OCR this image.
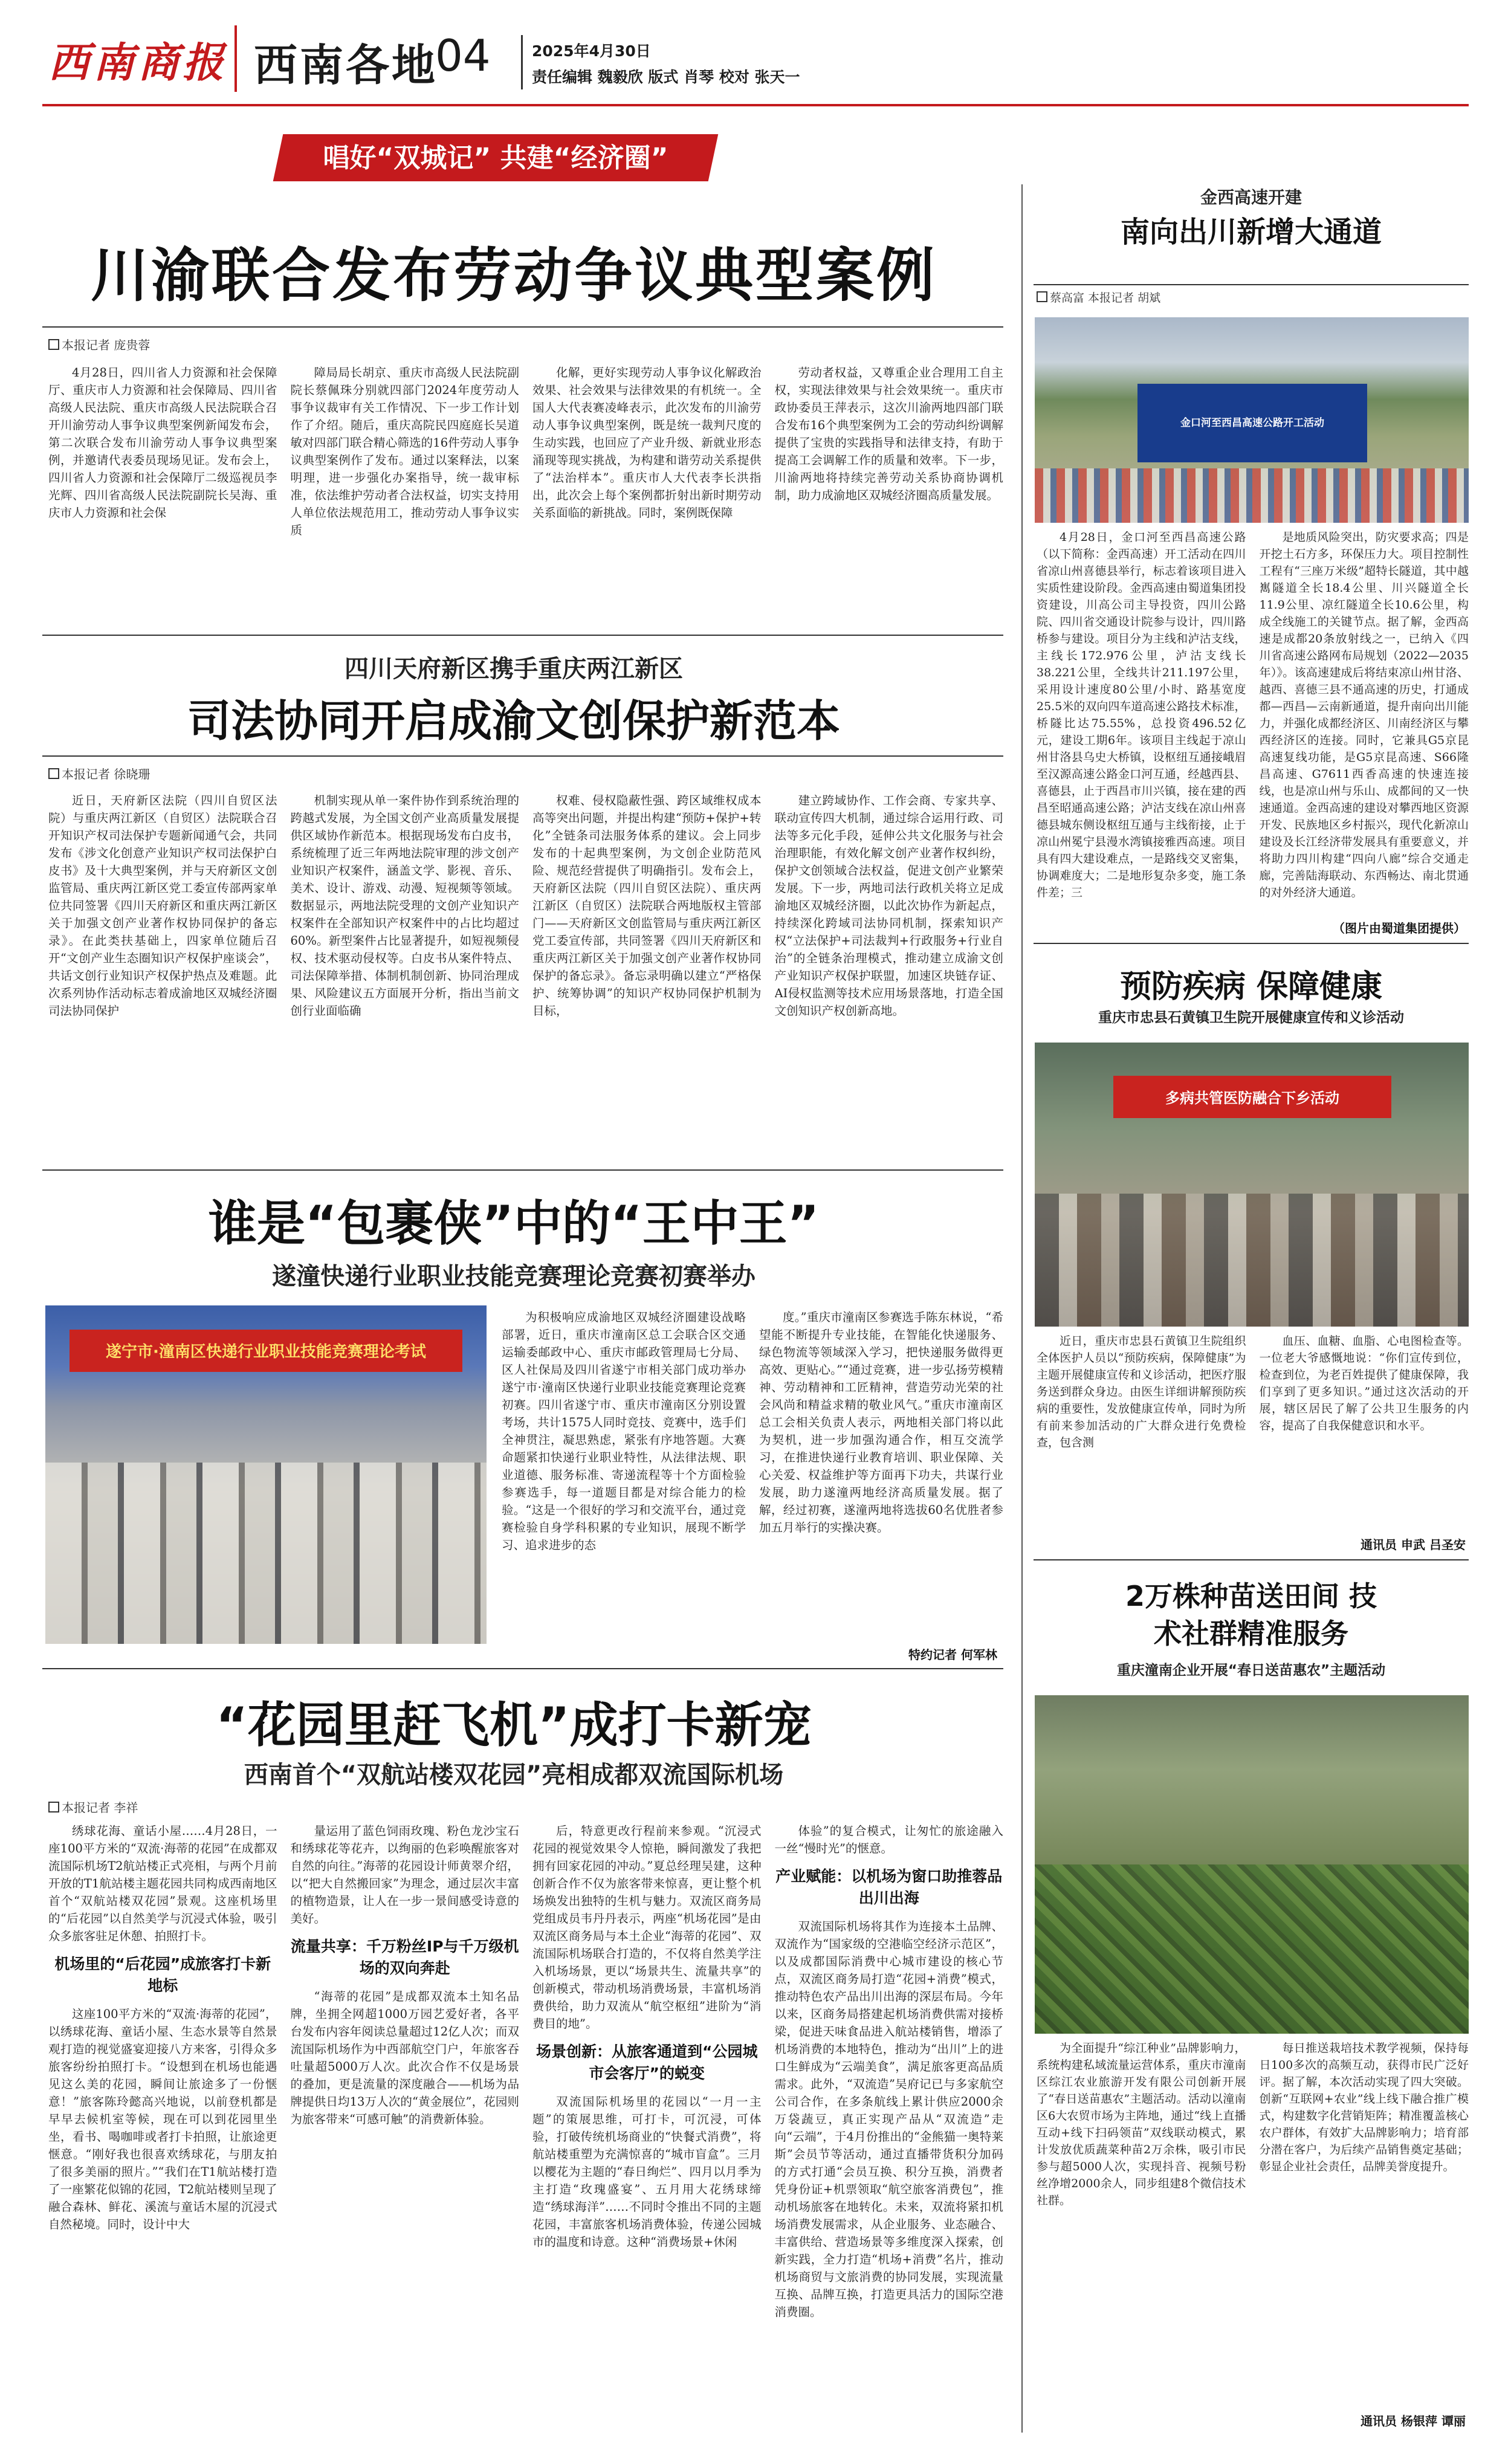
西南商报 西南各地
04	2025年4月30日
责任编辑 魏毅欣 版式 肖琴 校对 张天一
唱好“双城记” 共建“经济圈”
川渝联合发布劳动争议典型案例
本报记者 庞贵蓉
4月28日，四川省人力资源和社会保障厅、重庆市人力资源和社会保障局、四川省高级人民法院、重庆市高级人民法院联合召开川渝劳动人事争议典型案例新闻发布会，第二次联合发布川渝劳动人事争议典型案例，并邀请代表委员现场见证。发布会上，四川省人力资源和社会保障厅二级巡视员李光辉、四川省高级人民法院副院长吴海、重庆市人力资源和社会保
障局局长胡京、重庆市高级人民法院副院长蔡佩珠分别就四部门2024年度劳动人事争议裁审有关工作情况、下一步工作计划作了介绍。随后，重庆高院民四庭庭长吴道敏对四部门联合精心筛选的16件劳动人事争议典型案例作了发布。通过以案释法，以案明理，进一步强化办案指导，统一裁审标准，依法维护劳动者合法权益，切实支持用人单位依法规范用工，推动劳动人事争议实质
化解，更好实现劳动人事争议化解政治效果、社会效果与法律效果的有机统一。全国人大代表赛凌峰表示，此次发布的川渝劳动人事争议典型案例，既是统一裁判尺度的生动实践，也回应了产业升级、新就业形态涌现等现实挑战，为构建和谐劳动关系提供了“法治样本”。重庆市人大代表李长洪指出，此次会上每个案例都折射出新时期劳动关系面临的新挑战。同时，案例既保障
劳动者权益，又尊重企业合理用工自主权，实现法律效果与社会效果统一。重庆市政协委员王萍表示，这次川渝两地四部门联合发布16个典型案例为工会的劳动纠纷调解提供了宝贵的实践指导和法律支持，有助于提高工会调解工作的质量和效率。下一步，川渝两地将持续完善劳动关系协商协调机制，助力成渝地区双城经济圈高质量发展。
四川天府新区携手重庆两江新区
司法协同开启成渝文创保护新范本
本报记者 徐晓珊
近日，天府新区法院（四川自贸区法院）与重庆两江新区（自贸区）法院联合召开知识产权司法保护专题新闻通气会，共同发布《涉文化创意产业知识产权司法保护白皮书》及十大典型案例，并与天府新区文创监管局、重庆两江新区党工委宣传部两家单位共同签署《四川天府新区和重庆两江新区关于加强文创产业著作权协同保护的备忘录》。在此类扶基础上，四家单位随后召开“文创产业生态圈知识产权保护座谈会”，共话文创行业知识产权保护热点及难题。此次系列协作活动标志着成渝地区双城经济圈司法协同保护
机制实现从单一案件协作到系统治理的跨越式发展，为全国文创产业高质量发展提供区域协作新范本。根据现场发布白皮书，系统梳理了近三年两地法院审理的涉文创产业知识产权案件，涵盖文学、影视、音乐、美术、设计、游戏、动漫、短视频等领域。数据显示，两地法院受理的文创产业知识产权案件在全部知识产权案件中的占比均超过60%。新型案件占比显著提升，如短视频侵权、技术驱动侵权等。白皮书从案件特点、司法保障举措、体制机制创新、协同治理成果、风险建议五方面展开分析，指出当前文创行业面临确
权难、侵权隐蔽性强、跨区域维权成本高等突出问题，并提出构建“预防+保护+转化”全链条司法服务体系的建议。会上同步发布的十起典型案例，为文创企业防范风险、规范经营提供了明确指引。发布会上，天府新区法院（四川自贸区法院）、重庆两江新区（自贸区）法院联合两地版权主管部门——天府新区文创监管局与重庆两江新区党工委宣传部，共同签署《四川天府新区和重庆两江新区关于加强文创产业著作权协同保护的备忘录》。备忘录明确以建立“严格保护、统筹协调”的知识产权协同保护机制为目标，
建立跨域协作、工作会商、专家共享、联动宣传四大机制，通过综合运用行政、司法等多元化手段，延伸公共文化服务与社会治理职能，有效化解文创产业著作权纠纷，保护文创领域合法权益，促进文创产业繁荣发展。下一步，两地司法行政机关将立足成渝地区双城经济圈，以此次协作为新起点，持续深化跨域司法协同机制，探索知识产权“立法保护+司法裁判+行政服务+行业自治”的全链条治理模式，推动建立成渝文创产业知识产权保护联盟，加速区块链存证、AI侵权监测等技术应用场景落地，打造全国文创知识产权创新高地。
谁是“包裹侠”中的“王中王”
遂潼快递行业职业技能竞赛理论竞赛初赛举办
遂宁市·潼南区快递行业职业技能竞赛理论考试
为积极响应成渝地区双城经济圈建设战略部署，近日，重庆市潼南区总工会联合区交通运输委邮政中心、重庆市邮政管理局七分局、区人社保局及四川省遂宁市相关部门成功举办遂宁市·潼南区快递行业职业技能竞赛理论竞赛初赛。四川省遂宁市、重庆市潼南区分别设置考场，共计1575人同时竞技、竞赛中，选手们全神贯注，凝思熟虑，紧张有序地答题。大赛命题紧扣快递行业职业特性，从法律法规、职业道德、服务标准、寄递流程等十个方面检验参赛选手，每一道题目都是对综合能力的检验。“这是一个很好的学习和交流平台，通过竞赛检验自身学科积累的专业知识，展现不断学习、追求进步的态
度。”重庆市潼南区参赛选手陈东林说，“希望能不断提升专业技能，在智能化快递服务、绿色物流等领域深入学习，把快递服务做得更高效、更贴心。”“通过竞赛，进一步弘扬劳模精神、劳动精神和工匠精神，营造劳动光荣的社会风尚和精益求精的敬业风气。”重庆市潼南区总工会相关负责人表示，两地相关部门将以此为契机，进一步加强沟通合作，相互交流学习，在推进快递行业教育培训、职业保障、关心关爱、权益维护等方面再下功夫，共谋行业发展，助力遂潼两地经济高质量发展。据了解，经过初赛，遂潼两地将选拔60名优胜者参加五月举行的实操决赛。
特约记者 何军林
“花园里赶飞机”成打卡新宠
西南首个“双航站楼双花园”亮相成都双流国际机场
本报记者 李祥

绣球花海、童话小屋……4月28日，一座100平方米的“双流·海蒂的花园”在成都双流国际机场T2航站楼正式亮相，与两个月前开放的T1航站楼主题花园共同构成西南地区首个“双航站楼双花园”景观。这座机场里的“后花园”以自然美学与沉浸式体验，吸引众多旅客驻足休憩、拍照打卡。

机场里的“后花园”成旅客打卡新地标

这座100平方米的“双流·海蒂的花园”，以绣球花海、童话小屋、生态水景等自然景观打造的视觉盛宴迎接八方来客，引得众多旅客纷纷拍照打卡。“设想到在机场也能遇见这么美的花园，瞬间让旅途多了一份惬意！”旅客陈玲懿高兴地说，以前登机都是早早去候机室等候，现在可以到花园里坐坐，看书、喝咖啡或者打卡拍照，让旅途更惬意。“刚好我也很喜欢绣球花，与朋友拍了很多美丽的照片。”“我们在T1航站楼打造了一座繁花似锦的花园，T2航站楼则呈现了融合森林、鲜花、溪流与童话木屋的沉浸式自然秘境。同时，设计中大

量运用了蓝色饲雨玫瑰、粉色龙沙宝石和绣球花等花卉，以绚丽的色彩唤醒旅客对自然的向往。”海蒂的花园设计师黄翠介绍，以“把大自然搬回家”为理念，通过层次丰富的植物造景，让人在一步一景间感受诗意的美好。

流量共享：千万粉丝IP与千万级机场的双向奔赴

“海蒂的花园”是成都双流本土知名品牌，坐拥全网超1000万园艺爱好者，各平台发布内容年阅读总量超过12亿人次；而双流国际机场作为中西部航空门户，年旅客吞吐量超5000万人次。此次合作不仅是场景的叠加，更是流量的深度融合——机场为品牌提供日均13万人次的“黄金展位”，花园则为旅客带来“可感可触”的消费新体验。

后，特意更改行程前来参观。“沉浸式花园的视觉效果令人惊艳，瞬间激发了我把拥有回家花园的冲动。”夏总经理吴建，这种创新合作不仅为旅客带来惊喜，更让整个机场焕发出独特的生机与魅力。双流区商务局党组成员韦丹丹表示，两座“机场花园”是由双流区商务局与本土企业“海蒂的花园”、双流国际机场联合打造的，不仅将自然美学注入机场场景，更以“场景共生、流量共享”的创新模式，带动机场消费场景，丰富机场消费供给，助力双流从“航空枢纽”进阶为“消费目的地”。

场景创新：从旅客通道到“公园城市会客厅”的蜕变

双流国际机场里的花园以“一月一主题”的策展思维，可打卡，可沉浸，可体验，打破传统机场商业的“快餐式消费”，将航站楼重塑为充满惊喜的“城市盲盒”。三月以樱花为主题的“春日绚烂”、四月以月季为主打造“玫瑰盛宴”、五月用大花绣球缔造“绣球海洋”……不同时令推出不同的主题花园，丰富旅客机场消费体验，传递公园城市的温度和诗意。这种“消费场景+休闲

体验”的复合模式，让匆忙的旅途融入一丝“慢时光”的惬意。

产业赋能：以机场为窗口助推蓉品出川出海

双流国际机场将其作为连接本土品牌、双流作为“国家级的空港临空经济示范区”，以及成都国际消费中心城市建设的核心节点，双流区商务局打造“花园+消费”模式，推动特色农产品出川出海的深层布局。今年以来，区商务局搭建起机场消费供需对接桥梁，促进天味食品进入航站楼销售，增添了机场消费的本地特色，推动为“出川”上的进口生鲜成为“云端美食”，满足旅客更高品质需求。此外，“双流造”吴府记已与多家航空公司合作，在多条航线上累计供应2000余万袋蔬豆，真正实现产品从“双流造”走向“云端”，于4月份推出的“金熊猫一奥特莱斯”会员节等活动，通过直播带货积分加码的方式打通“会员互换、积分互换，消费者凭身份证+机票领取“航空旅客消费包”，推动机场旅客在地转化。未来，双流将紧扣机场消费发展需求，从企业服务、业态融合、丰富供给、营造场景等多维度深入探索，创新实践，全力打造“机场+消费”名片，推动机场商贸与文旅消费的协同发展，实现流量互换、品牌互换，打造更具活力的国际空港消费圈。

金西高速开建
南向出川新增大通道
蔡高富 本报记者 胡斌
金口河至西昌高速公路开工活动
4月28日，金口河至西昌高速公路（以下简称：金西高速）开工活动在四川省凉山州喜德县举行，标志着该项目进入实质性建设阶段。金西高速由蜀道集团投资建设，川高公司主导投资，四川公路院、四川省交通设计院参与设计，四川路桥参与建设。项目分为主线和泸沽支线，主线长172.976公里，泸沽支线长38.221公里，全线共计211.197公里，采用设计速度80公里/小时、路基宽度25.5米的双向四车道高速公路技术标准，桥隧比达75.55%，总投资496.52亿元，建设工期6年。该项目主线起于凉山州甘洛县乌史大桥镇，设枢纽互通接峨眉至汉源高速公路金口河互通，经越西县、喜德县，止于西昌市川兴镇，接在建的西昌至昭通高速公路；泸沽支线在凉山州喜德县城东侧设枢纽互通与主线衔接，止于凉山州冕宁县漫水湾镇接雅西高速。项目具有四大建设难点，一是路线交叉密集，协调难度大；二是地形复杂多变，施工条件差；三
是地质风险突出，防灾要求高；四是开挖土石方多，环保压力大。项目控制性工程有“三座万米级”超特长隧道，其中越嶲隧道全长18.4公里、川兴隧道全长11.9公里、凉红隧道全长10.6公里，构成全线施工的关键节点。据了解，金西高速是成都20条放射线之一，已纳入《四川省高速公路网布局规划（2022—2035年）》。该高速建成后将结束凉山州甘洛、越西、喜德三县不通高速的历史，打通成都—西昌—云南新通道，提升南向出川能力，并强化成都经济区、川南经济区与攀西经济区的连接。同时，它兼具G5京昆高速复线功能，是G5京昆高速、S66隆昌高速、G7611西香高速的快速连接线，也是凉山州与乐山、成都间的又一快速通道。金西高速的建设对攀西地区资源开发、民族地区乡村振兴，现代化新凉山建设及长江经济带发展具有重要意义，并将助力四川构建“四向八廊”综合交通走廊，完善陆海联动、东西畅达、南北贯通的对外经济大通道。
（图片由蜀道集团提供）
预防疾病 保障健康
重庆市忠县石黄镇卫生院开展健康宣传和义诊活动
多病共管医防融合下乡活动
近日，重庆市忠县石黄镇卫生院组织全体医护人员以“预防疾病，保障健康”为主题开展健康宣传和义诊活动，把医疗服务送到群众身边。由医生详细讲解预防疾病的重要性，发放健康宣传单，同时为所有前来参加活动的广大群众进行免费检查，包含测
血压、血糖、血脂、心电图检查等。一位老大爷感慨地说：“你们宣传到位，检查到位，为老百姓提供了健康保障，我们享到了更多知识。”通过这次活动的开展，辖区居民了解了公共卫生服务的内容，提高了自我保健意识和水平。
通讯员 申武 吕圣安
2万株种苗送田间 技术社群精准服务
重庆潼南企业开展“春日送苗惠农”主题活动
为全面提升“综江种业”品牌影响力，系统构建私域流量运营体系，重庆市潼南区综江农业旅游开发有限公司创新开展了“春日送苗惠农”主题活动。活动以潼南区6大农贸市场为主阵地，通过“线上直播互动+线下扫码领苗”双线联动模式，累计发放优质蔬菜种苗2万余株，吸引市民参与超5000人次，实现抖音、视频号粉丝净增2000余人，同步组建8个微信技术社群。
每日推送栽培技术教学视频，保持每日100多次的高频互动，获得市民广泛好评。据了解，本次活动实现了四大突破。创新“互联网+农业”线上线下融合推广模式，构建数字化营销矩阵；精准覆盖核心农户群体，有效扩大品牌影响力；培育部分潜在客户，为后续产品销售奠定基础；彰显企业社会责任，品牌美誉度提升。
通讯员 杨银萍 谭丽
